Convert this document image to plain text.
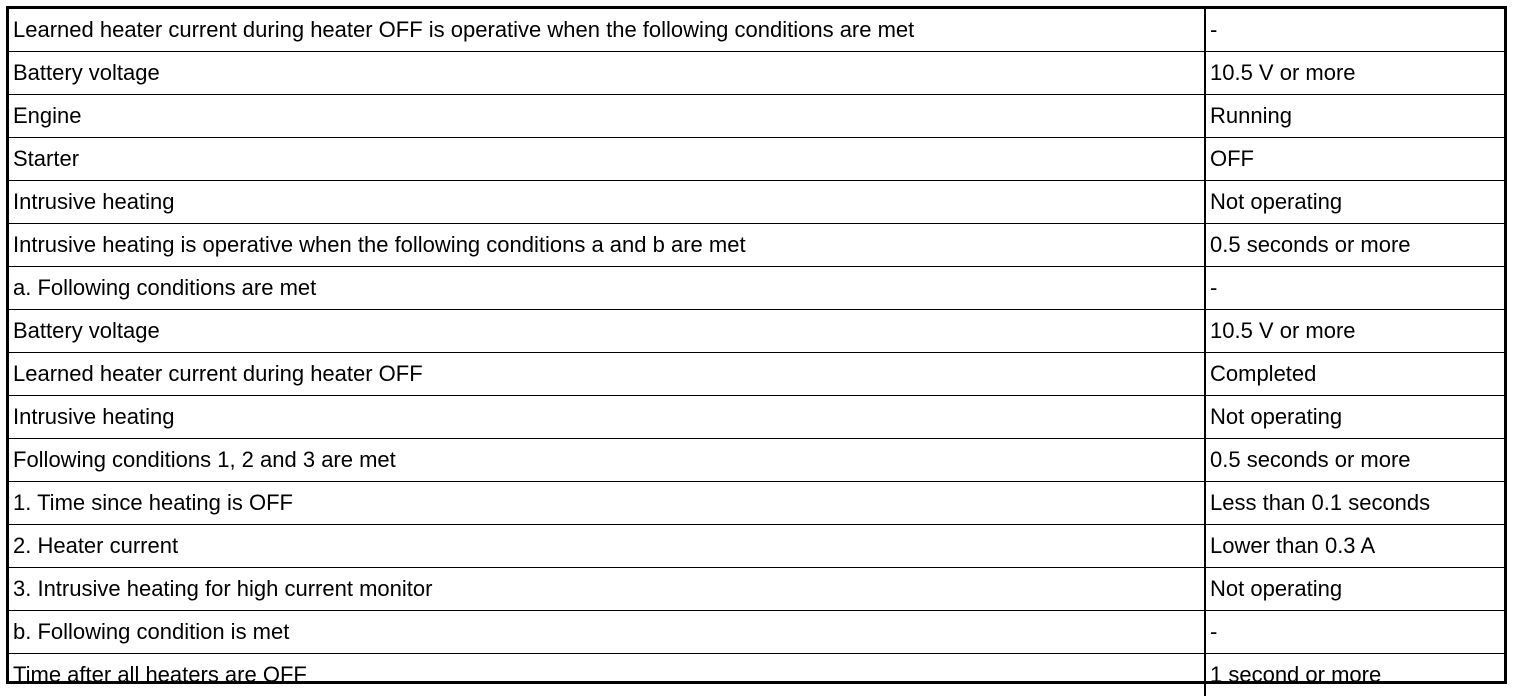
Learned heater current during heater OFF is operative when the following conditions are met	-
Battery voltage	10.5 V or more
Engine	Running
Starter	OFF
Intrusive heating	Not operating
Intrusive heating is operative when the following conditions a and b are met	0.5 seconds or more
a. Following conditions are met	-
Battery voltage	10.5 V or more
Learned heater current during heater OFF	Completed
Intrusive heating	Not operating
Following conditions 1, 2 and 3 are met	0.5 seconds or more
1. Time since heating is OFF	Less than 0.1 seconds
2. Heater current	Lower than 0.3 A
3. Intrusive heating for high current monitor	Not operating
b. Following condition is met	-
Time after all heaters are OFF	1 second or more
